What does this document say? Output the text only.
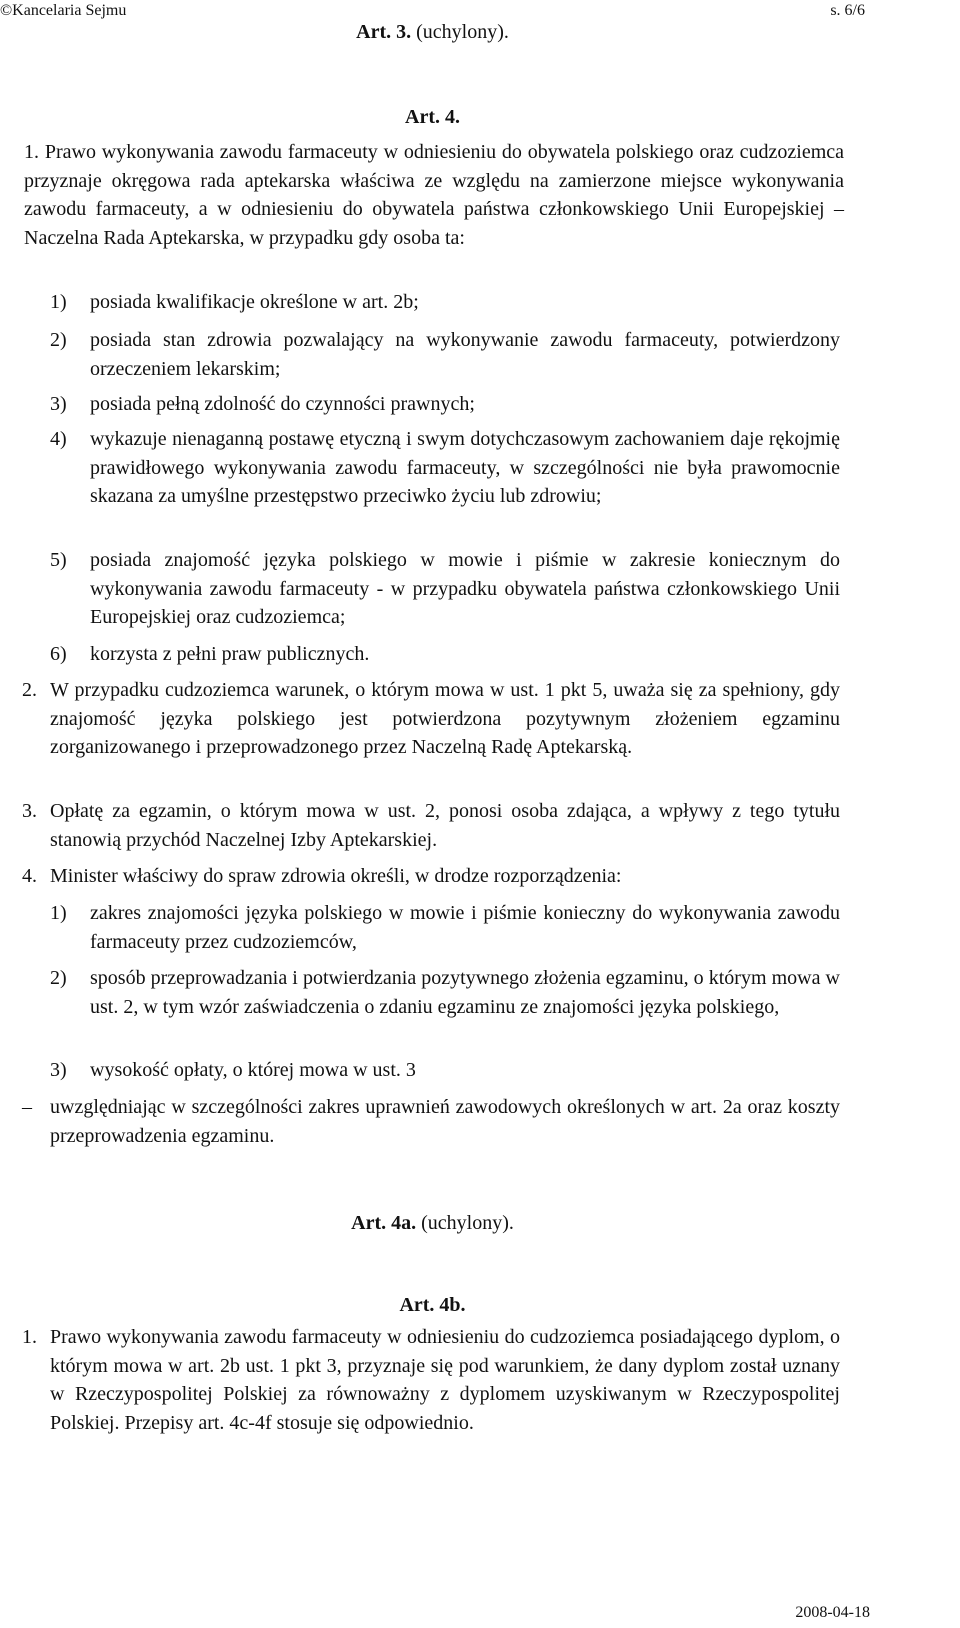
©Kancelaria Sejmu	s. 6/6
Art. 3. (uchylony).
Art. 4.
1. Prawo wykonywania zawodu farmaceuty w odniesieniu do obywatela polskiego oraz cudzoziemca przyznaje okręgowa rada aptekarska właściwa ze względu na zamierzone miejsce wykonywania zawodu farmaceuty, a w odniesieniu do obywatela państwa członkowskiego Unii Europejskiej – Naczelna Rada Aptekarska, w przypadku gdy osoba ta:
1) posiada kwalifikacje określone w art. 2b;
2) posiada stan zdrowia pozwalający na wykonywanie zawodu farmaceuty, potwierdzony orzeczeniem lekarskim;
3) posiada pełną zdolność do czynności prawnych;
4) wykazuje nienaganną postawę etyczną i swym dotychczasowym zachowaniem daje rękojmię prawidłowego wykonywania zawodu farmaceuty, w szczególności nie była prawomocnie skazana za umyślne przestępstwo przeciwko życiu lub zdrowiu;
5) posiada znajomość języka polskiego w mowie i piśmie w zakresie koniecznym do wykonywania zawodu farmaceuty - w przypadku obywatela państwa członkowskiego Unii Europejskiej oraz cudzoziemca;
6) korzysta z pełni praw publicznych.
2. W przypadku cudzoziemca warunek, o którym mowa w ust. 1 pkt 5, uważa się za spełniony, gdy znajomość języka polskiego jest potwierdzona pozytywnym złożeniem egzaminu zorganizowanego i przeprowadzonego przez Naczelną Radę Aptekarską.
3. Opłatę za egzamin, o którym mowa w ust. 2, ponosi osoba zdająca, a wpływy z tego tytułu stanowią przychód Naczelnej Izby Aptekarskiej.
4. Minister właściwy do spraw zdrowia określi, w drodze rozporządzenia:
1) zakres znajomości języka polskiego w mowie i piśmie konieczny do wykonywania zawodu farmaceuty przez cudzoziemców,
2) sposób przeprowadzania i potwierdzania pozytywnego złożenia egzaminu, o którym mowa w ust. 2, w tym wzór zaświadczenia o zdaniu egzaminu ze znajomości języka polskiego,
3) wysokość opłaty, o której mowa w ust. 3
– uwzględniając w szczególności zakres uprawnień zawodowych określonych w art. 2a oraz koszty przeprowadzenia egzaminu.
Art. 4a. (uchylony).
Art. 4b.
1. Prawo wykonywania zawodu farmaceuty w odniesieniu do cudzoziemca posiadającego dyplom, o którym mowa w art. 2b ust. 1 pkt 3, przyznaje się pod warunkiem, że dany dyplom został uznany w Rzeczypospolitej Polskiej za równoważny z dyplomem uzyskiwanym w Rzeczypospolitej Polskiej. Przepisy art. 4c-4f stosuje się odpowiednio.
2008-04-18
